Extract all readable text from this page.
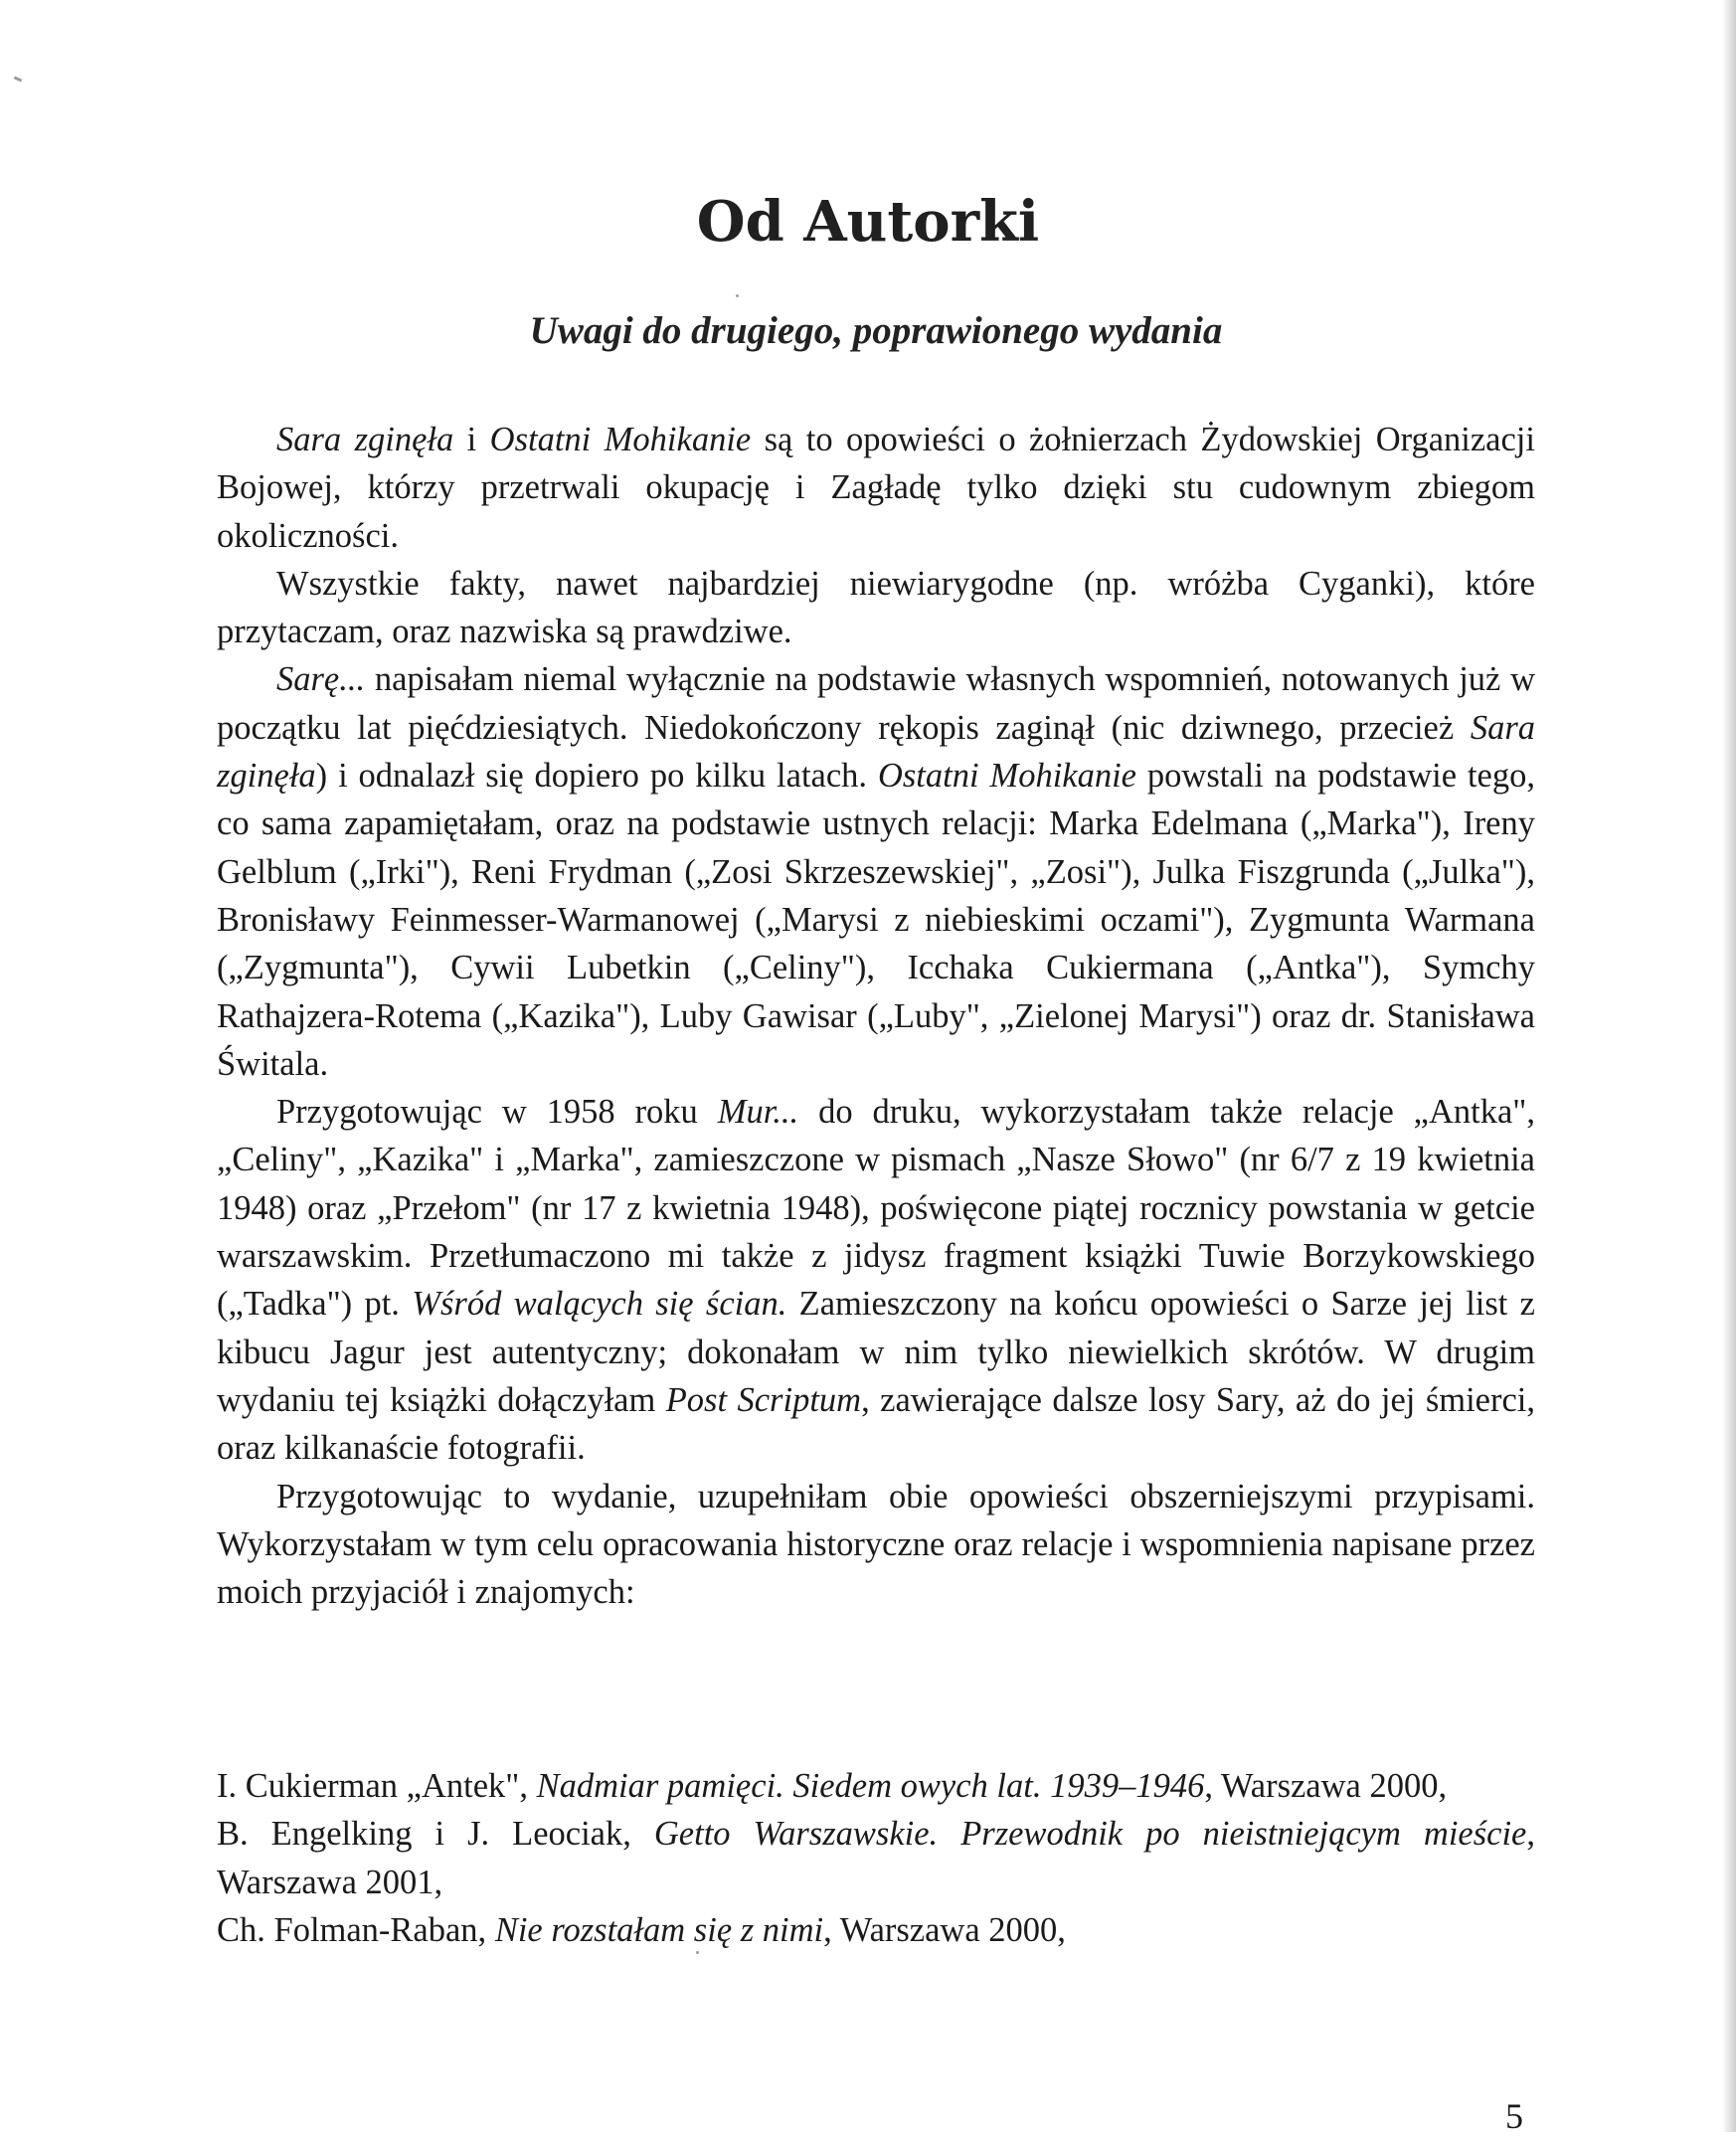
Od Autorki
Uwagi do drugiego, poprawionego wydania

Sara zginęła i Ostatni Mohikanie są to opowieści o żołnierzach Żydowskiej Organizacji Bojowej, którzy przetrwali okupację i Zagładę tylko dzięki stu cudownym zbiegom okoliczności.

Wszystkie fakty, nawet najbardziej niewiarygodne (np. wróżba Cyganki), które przytaczam, oraz nazwiska są prawdziwe.

Sarę... napisałam niemal wyłącznie na podstawie własnych wspomnień, notowanych już w początku lat pięćdziesiątych. Niedokończony rękopis zaginął (nic dziwnego, przecież Sara zginęła) i odnalazł się dopiero po kilku latach. Ostatni Mohikanie powstali na podstawie tego, co sama zapamiętałam, oraz na podstawie ustnych relacji: Marka Edelmana („Marka"), Ireny Gelblum („Irki"), Reni Frydman („Zosi Skrzeszewskiej", „Zosi"), Julka Fiszgrunda („Julka"), Bronisławy Feinmesser-Warmanowej („Marysi z niebieskimi oczami"), Zygmunta Warmana („Zygmunta"), Cywii Lubetkin („Celiny"), Icchaka Cukiermana („Antka"), Symchy Rathajzera-Rotema („Kazika"), Luby Gawisar („Luby", „Zielonej Marysi") oraz dr. Stanisława Świtala.

Przygotowując w 1958 roku Mur... do druku, wykorzystałam także relacje „Antka", „Celiny", „Kazika" i „Marka", zamieszczone w pismach „Nasze Słowo" (nr 6/7 z 19 kwietnia 1948) oraz „Przełom" (nr 17 z kwietnia 1948), poświęcone piątej rocznicy powstania w getcie warszawskim. Przetłumaczono mi także z jidysz fragment książki Tuwie Borzykowskiego („Tadka") pt. Wśród walących się ścian. Zamieszczony na końcu opowieści o Sarze jej list z kibucu Jagur jest autentyczny; dokonałam w nim tylko niewielkich skrótów. W drugim wydaniu tej książki dołączyłam Post Scriptum, zawierające dalsze losy Sary, aż do jej śmierci, oraz kilkanaście fotografii.

Przygotowując to wydanie, uzupełniłam obie opowieści obszerniejszymi przypisami. Wykorzystałam w tym celu opracowania historyczne oraz relacje i wspomnienia napisane przez moich przyjaciół i znajomych:

I. Cukierman „Antek", Nadmiar pamięci. Siedem owych lat. 1939–1946, Warszawa 2000,

B. Engelking i J. Leociak, Getto Warszawskie. Przewodnik po nieistniejącym mieście, Warszawa 2001,

Ch. Folman-Raban, Nie rozstałam się z nimi, Warszawa 2000,

5
